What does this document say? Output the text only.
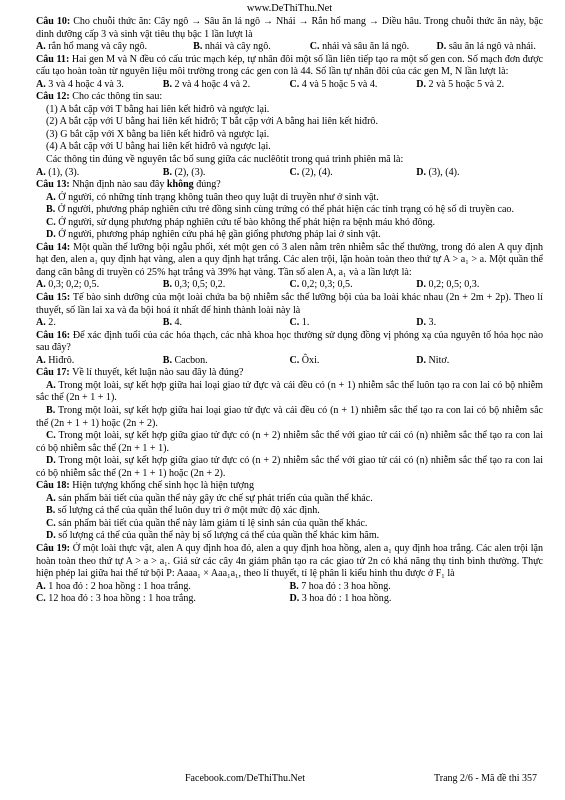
www.DeThiThu.Net

Câu 10: Cho chuỗi thức ăn: Cây ngô → Sâu ăn lá ngô → Nhái → Rắn hổ mang → Diều hâu. Trong chuỗi thức ăn này, bậc dinh dưỡng cấp 3 và sinh vật tiêu thụ bậc 1 lần lượt là

A. rắn hổ mang và cây ngô.	B. nhái và cây ngô.	C. nhái và sâu ăn lá ngô.	D. sâu ăn lá ngô và nhái.

Câu 11: Hai gen M và N đều có cấu trúc mạch kép, tự nhân đôi một số lần liên tiếp tạo ra một số gen con. Số mạch đơn được cấu tạo hoàn toàn từ nguyên liệu môi trường trong các gen con là 44. Số lần tự nhân đôi của các gen M, N lần lượt là:

A. 3 và 4 hoặc 4 và 3.	B. 2 và 4 hoặc 4 và 2.	C. 4 và 5 hoặc 5 và 4.	D. 2 và 5 hoặc 5 và 2.

Câu 12: Cho các thông tin sau:

(1) A bắt cặp với T bằng hai liên kết hiđrô và ngược lại.

(2) A bắt cặp với U bằng hai liên kết hiđrô; T bắt cặp với A bằng hai liên kết hiđrô.

(3) G bắt cặp với X bằng ba liên kết hiđrô và ngược lại.

(4) A bắt cặp với U bằng hai liên kết hiđrô và ngược lại.

Các thông tin đúng về nguyên tắc bổ sung giữa các nuclêôtit trong quá trình phiên mã là:

A. (1), (3).	B. (2), (3).	C. (2), (4).	D. (3), (4).

Câu 13: Nhận định nào sau đây không đúng?

A. Ở người, có những tính trạng không tuân theo quy luật di truyền như ở sinh vật.

B. Ở người, phương pháp nghiên cứu trẻ đồng sinh cùng trứng có thể phát hiện các tính trạng có hệ số di truyền cao.

C. Ở người, sử dụng phương pháp nghiên cứu tế bào không thể phát hiện ra bệnh máu khó đông.

D. Ở người, phương pháp nghiên cứu phả hệ gần giống phương pháp lai ở sinh vật.

Câu 14: Một quần thể lưỡng bội ngẫu phối, xét một gen có 3 alen nằm trên nhiễm sắc thể thường, trong đó alen A quy định hạt đen, alen a₁ quy định hạt vàng, alen a quy định hạt trắng. Các alen trội, lặn hoàn toàn theo thứ tự A > a₁ > a. Một quần thể đang cân bằng di truyền có 25% hạt trắng và 39% hạt vàng. Tần số alen A, a₁ và a lần lượt là:

A. 0,3; 0,2; 0,5.	B. 0,3; 0,5; 0,2.	C. 0,2; 0,3; 0,5.	D. 0,2; 0,5; 0,3.

Câu 15: Tế bào sinh dưỡng của một loài chứa ba bộ nhiễm sắc thể lưỡng bội của ba loài khác nhau (2n + 2m + 2p). Theo lí thuyết, số lần lai xa và đa bội hoá ít nhất để hình thành loài này là

A. 2.	B. 4.	C. 1.	D. 3.

Câu 16: Để xác định tuổi của các hóa thạch, các nhà khoa học thường sử dụng đồng vị phóng xạ của nguyên tố hóa học nào sau đây?

A. Hiđrô.	B. Cacbon.	C. Ôxi.	D. Nitơ.

Câu 17: Về lí thuyết, kết luận nào sau đây là đúng?

A. Trong một loài, sự kết hợp giữa hai loại giao tử đực và cái đều có (n + 1) nhiễm sắc thể luôn tạo ra con lai có bộ nhiễm sắc thể (2n + 1 + 1).

B. Trong một loài, sự kết hợp giữa hai loại giao tử đực và cái đều có (n + 1) nhiễm sắc thể tạo ra con lai có bộ nhiễm sắc thể (2n + 1 + 1) hoặc (2n + 2).

C. Trong một loài, sự kết hợp giữa giao tử đực có (n + 2) nhiễm sắc thể với giao tử cái có (n) nhiễm sắc thể tạo ra con lai có bộ nhiễm sắc thể (2n + 1 + 1).

D. Trong một loài, sự kết hợp giữa giao tử đực có (n + 2) nhiễm sắc thể với giao tử cái có (n) nhiễm sắc thể tạo ra con lai có bộ nhiễm sắc thể (2n + 1 + 1) hoặc (2n + 2).

Câu 18: Hiện tượng khống chế sinh học là hiện tượng

A. sản phẩm bài tiết của quần thể này gây ức chế sự phát triển của quần thể khác.

B. số lượng cá thể của quần thể luôn duy trì ở một mức độ xác định.

C. sản phẩm bài tiết của quần thể này làm giảm tỉ lệ sinh sản của quần thể khác.

D. số lượng cá thể của quần thể này bị số lượng cá thể của quần thể khác kìm hãm.

Câu 19: Ở một loài thực vật, alen A quy định hoa đỏ, alen a quy định hoa hồng, alen a₁ quy định hoa trắng. Các alen trội lặn hoàn toàn theo thứ tự A > a > a₁. Giả sử các cây 4n giảm phân tạo ra các giao tử 2n có khả năng thụ tinh bình thường. Thực hiện phép lai giữa hai thể tứ bội P: Aaaa₁ × Aaa₁a₁, theo lí thuyết, tỉ lệ phân li kiểu hình thu được ở F₁ là

A. 1 hoa đỏ : 2 hoa hồng : 1 hoa trắng.	B. 7 hoa đỏ : 3 hoa hồng.
C. 12 hoa đỏ : 3 hoa hồng : 1 hoa trắng.	D. 3 hoa đỏ : 1 hoa hồng.
Facebook.com/DeThiThu.Net	Trang 2/6 - Mã đề thi 357
